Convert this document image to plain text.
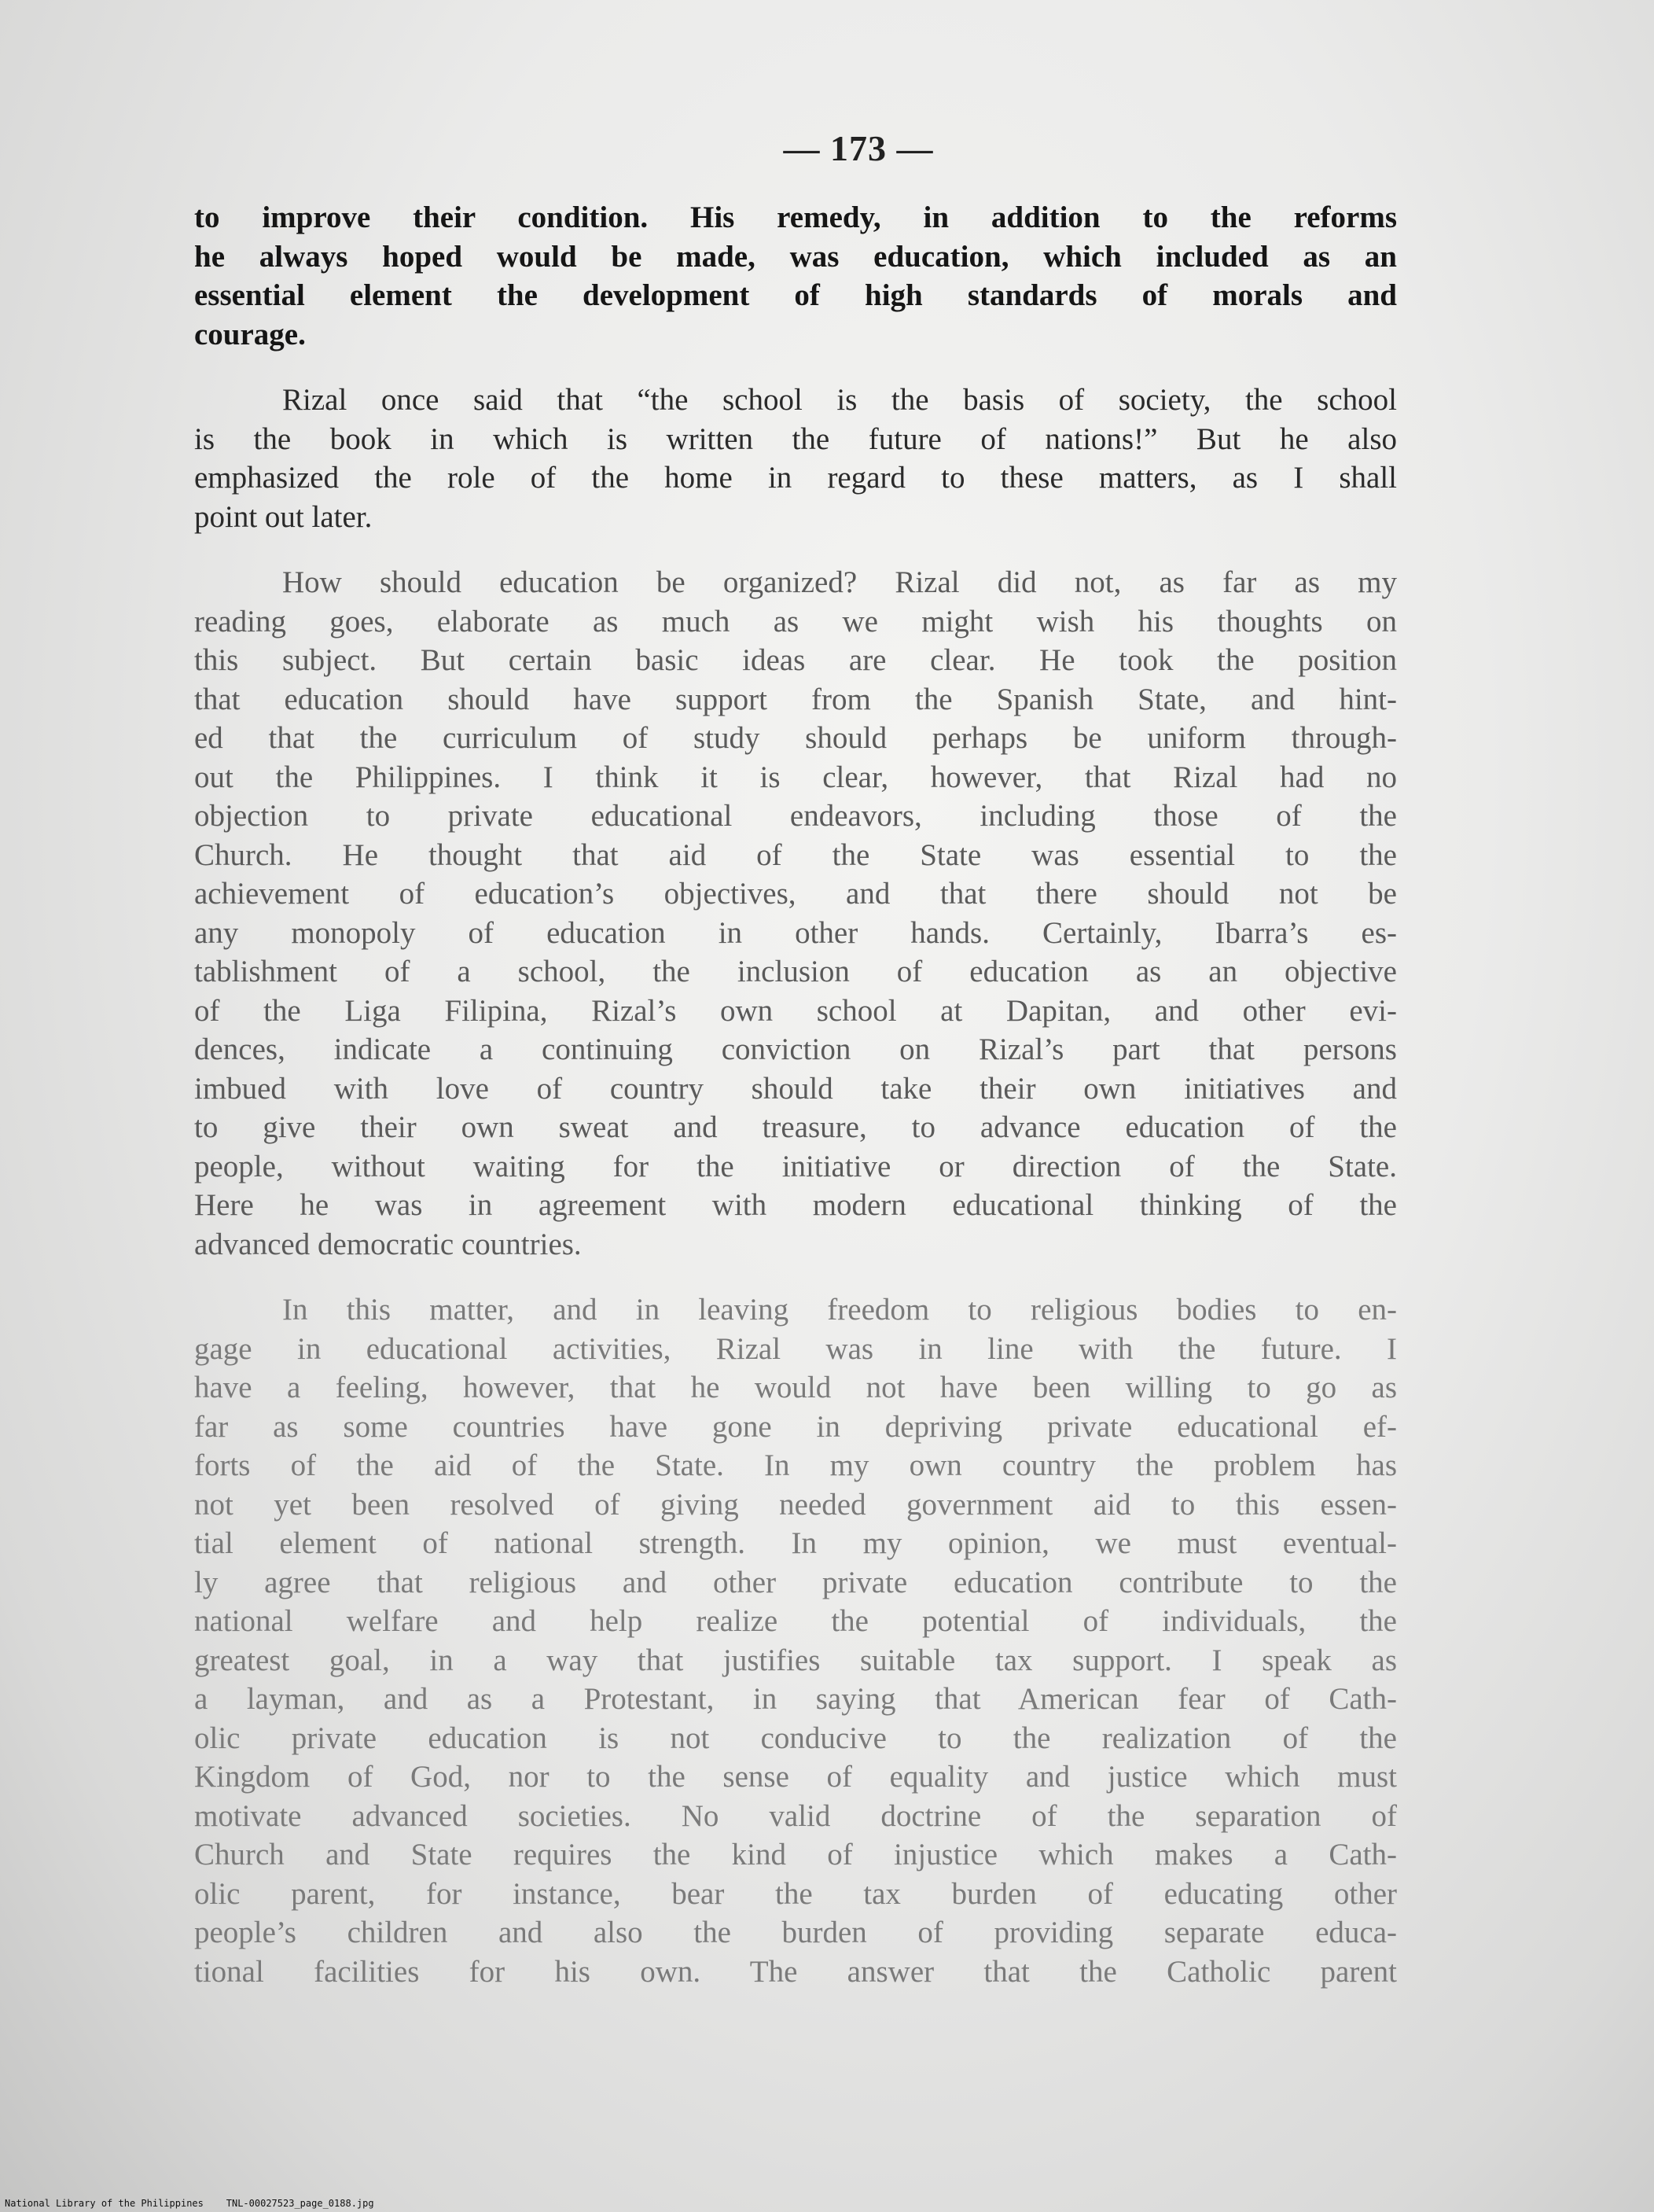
— 173 —
to improve their condition. His remedy, in addition to the reforms
he always hoped would be made, was education, which included as an
essential element the development of high standards of morals and
courage.
Rizal once said that “the school is the basis of society, the school
is the book in which is written the future of nations!” But he also
emphasized the role of the home in regard to these matters, as I shall
point out later.
How should education be organized? Rizal did not, as far as my
reading goes, elaborate as much as we might wish his thoughts on
this subject. But certain basic ideas are clear. He took the position
that education should have support from the Spanish State, and hint-
ed that the curriculum of study should perhaps be uniform through-
out the Philippines. I think it is clear, however, that Rizal had no
objection to private educational endeavors, including those of the
Church. He thought that aid of the State was essential to the
achievement of education’s objectives, and that there should not be
any monopoly of education in other hands. Certainly, Ibarra’s es-
tablishment of a school, the inclusion of education as an objective
of the Liga Filipina, Rizal’s own school at Dapitan, and other evi-
dences, indicate a continuing conviction on Rizal’s part that persons
imbued with love of country should take their own initiatives and
to give their own sweat and treasure, to advance education of the
people, without waiting for the initiative or direction of the State.
Here he was in agreement with modern educational thinking of the
advanced democratic countries.
In this matter, and in leaving freedom to religious bodies to en-
gage in educational activities, Rizal was in line with the future. I
have a feeling, however, that he would not have been willing to go as
far as some countries have gone in depriving private educational ef-
forts of the aid of the State. In my own country the problem has
not yet been resolved of giving needed government aid to this essen-
tial element of national strength. In my opinion, we must eventual-
ly agree that religious and other private education contribute to the
national welfare and help realize the potential of individuals, the
greatest goal, in a way that justifies suitable tax support. I speak as
a layman, and as a Protestant, in saying that American fear of Cath-
olic private education is not conducive to the realization of the
Kingdom of God, nor to the sense of equality and justice which must
motivate advanced societies. No valid doctrine of the separation of
Church and State requires the kind of injustice which makes a Cath-
olic parent, for instance, bear the tax burden of educating other
people’s children and also the burden of providing separate educa-
tional facilities for his own. The answer that the Catholic parent
National Library of the Philippines    TNL-00027523_page_0188.jpg
